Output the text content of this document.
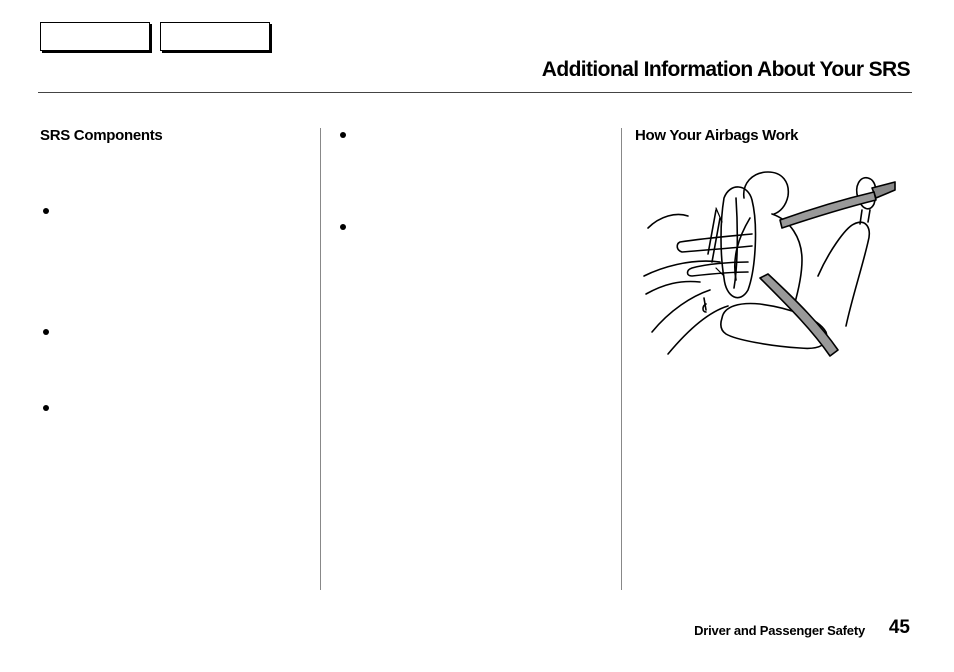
Additional Information About Your SRS
SRS Components	How Your Airbags Work
Driver and Passenger Safety 45
